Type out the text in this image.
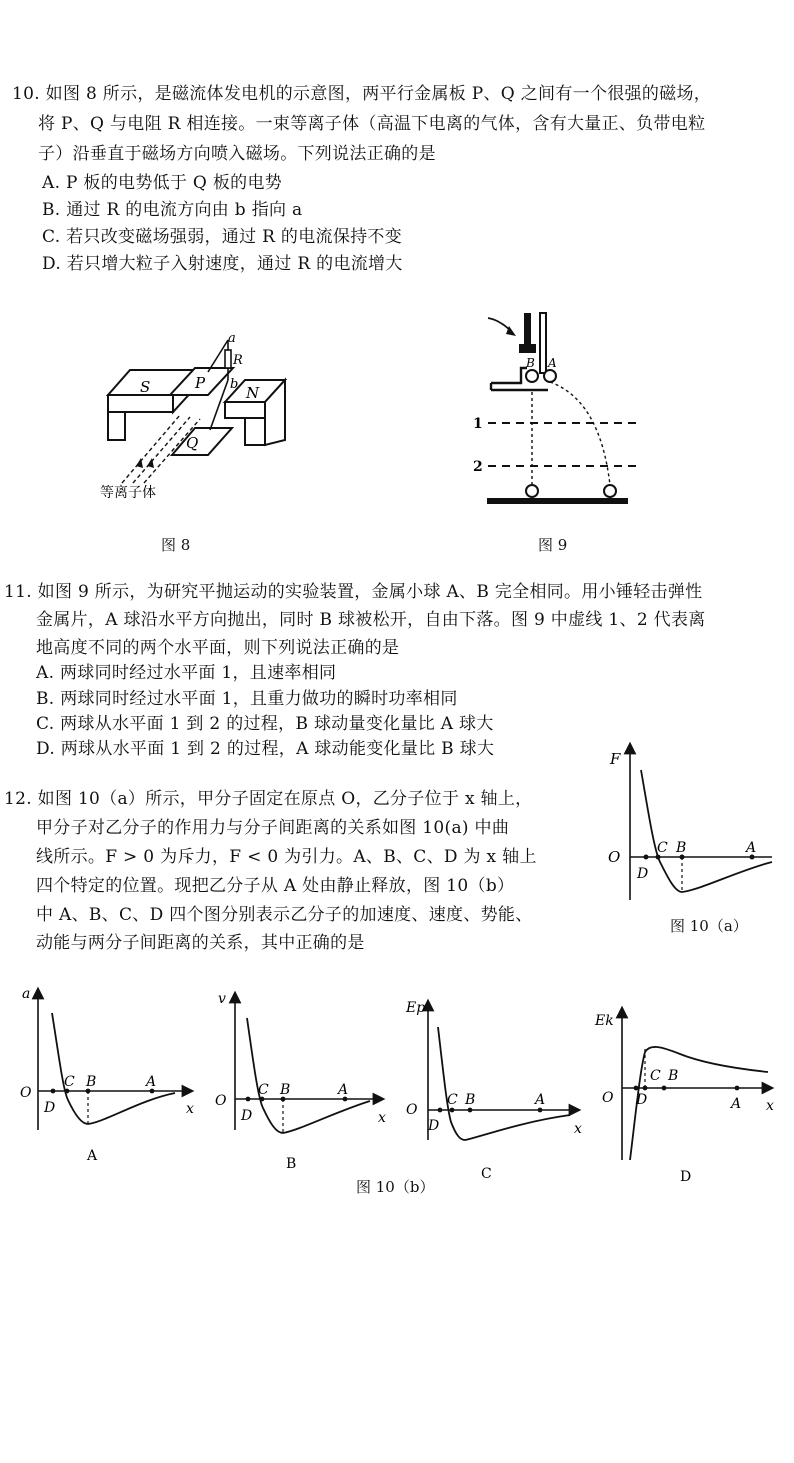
10. 如图 8 所示，是磁流体发电机的示意图，两平行金属板 P、Q 之间有一个很强的磁场，
将 P、Q 与电阻 R 相连接。一束等离子体（高温下电离的气体，含有大量正、负带电粒
子）沿垂直于磁场方向喷入磁场。下列说法正确的是
A. P 板的电势低于 Q 板的电势
B. 通过 R 的电流方向由 b 指向 a
C. 若只改变磁场强弱，通过 R 的电流保持不变
D. 若只增大粒子入射速度，通过 R 的电流增大
S	P
Q
N
R
a
b
等离子体
图 8
B A
1
2
图 9
11. 如图 9 所示，为研究平抛运动的实验装置，金属小球 A、B 完全相同。用小锤轻击弹性
金属片，A 球沿水平方向抛出，同时 B 球被松开，自由下落。图 9 中虚线 1、2 代表离
地高度不同的两个水平面，则下列说法正确的是
A. 两球同时经过水平面 1，且速率相同
B. 两球同时经过水平面 1，且重力做功的瞬时功率相同
C. 两球从水平面 1 到 2 的过程，B 球动量变化量比 A 球大
D. 两球从水平面 1 到 2 的过程，A 球动能变化量比 B 球大
12. 如图 10（a）所示，甲分子固定在原点 O，乙分子位于 x 轴上，
甲分子对乙分子的作用力与分子间距离的关系如图 10(a) 中曲
线所示。F > 0 为斥力，F < 0 为引力。A、B、C、D 为 x 轴上
四个特定的位置。现把乙分子从 A 处由静止释放，图 10（b）
中 A、B、C、D 四个图分别表示乙分子的加速度、速度、势能、
动能与两分子间距离的关系，其中正确的是
F
O	C B	A
D
图 10（a）
a
O
x
C B	A
D
A
v
O
x
C B	A
D
B
Ep
O
x
C B	A
D
C
Ek
O	x
C B
A
D
D
图 10（b）
